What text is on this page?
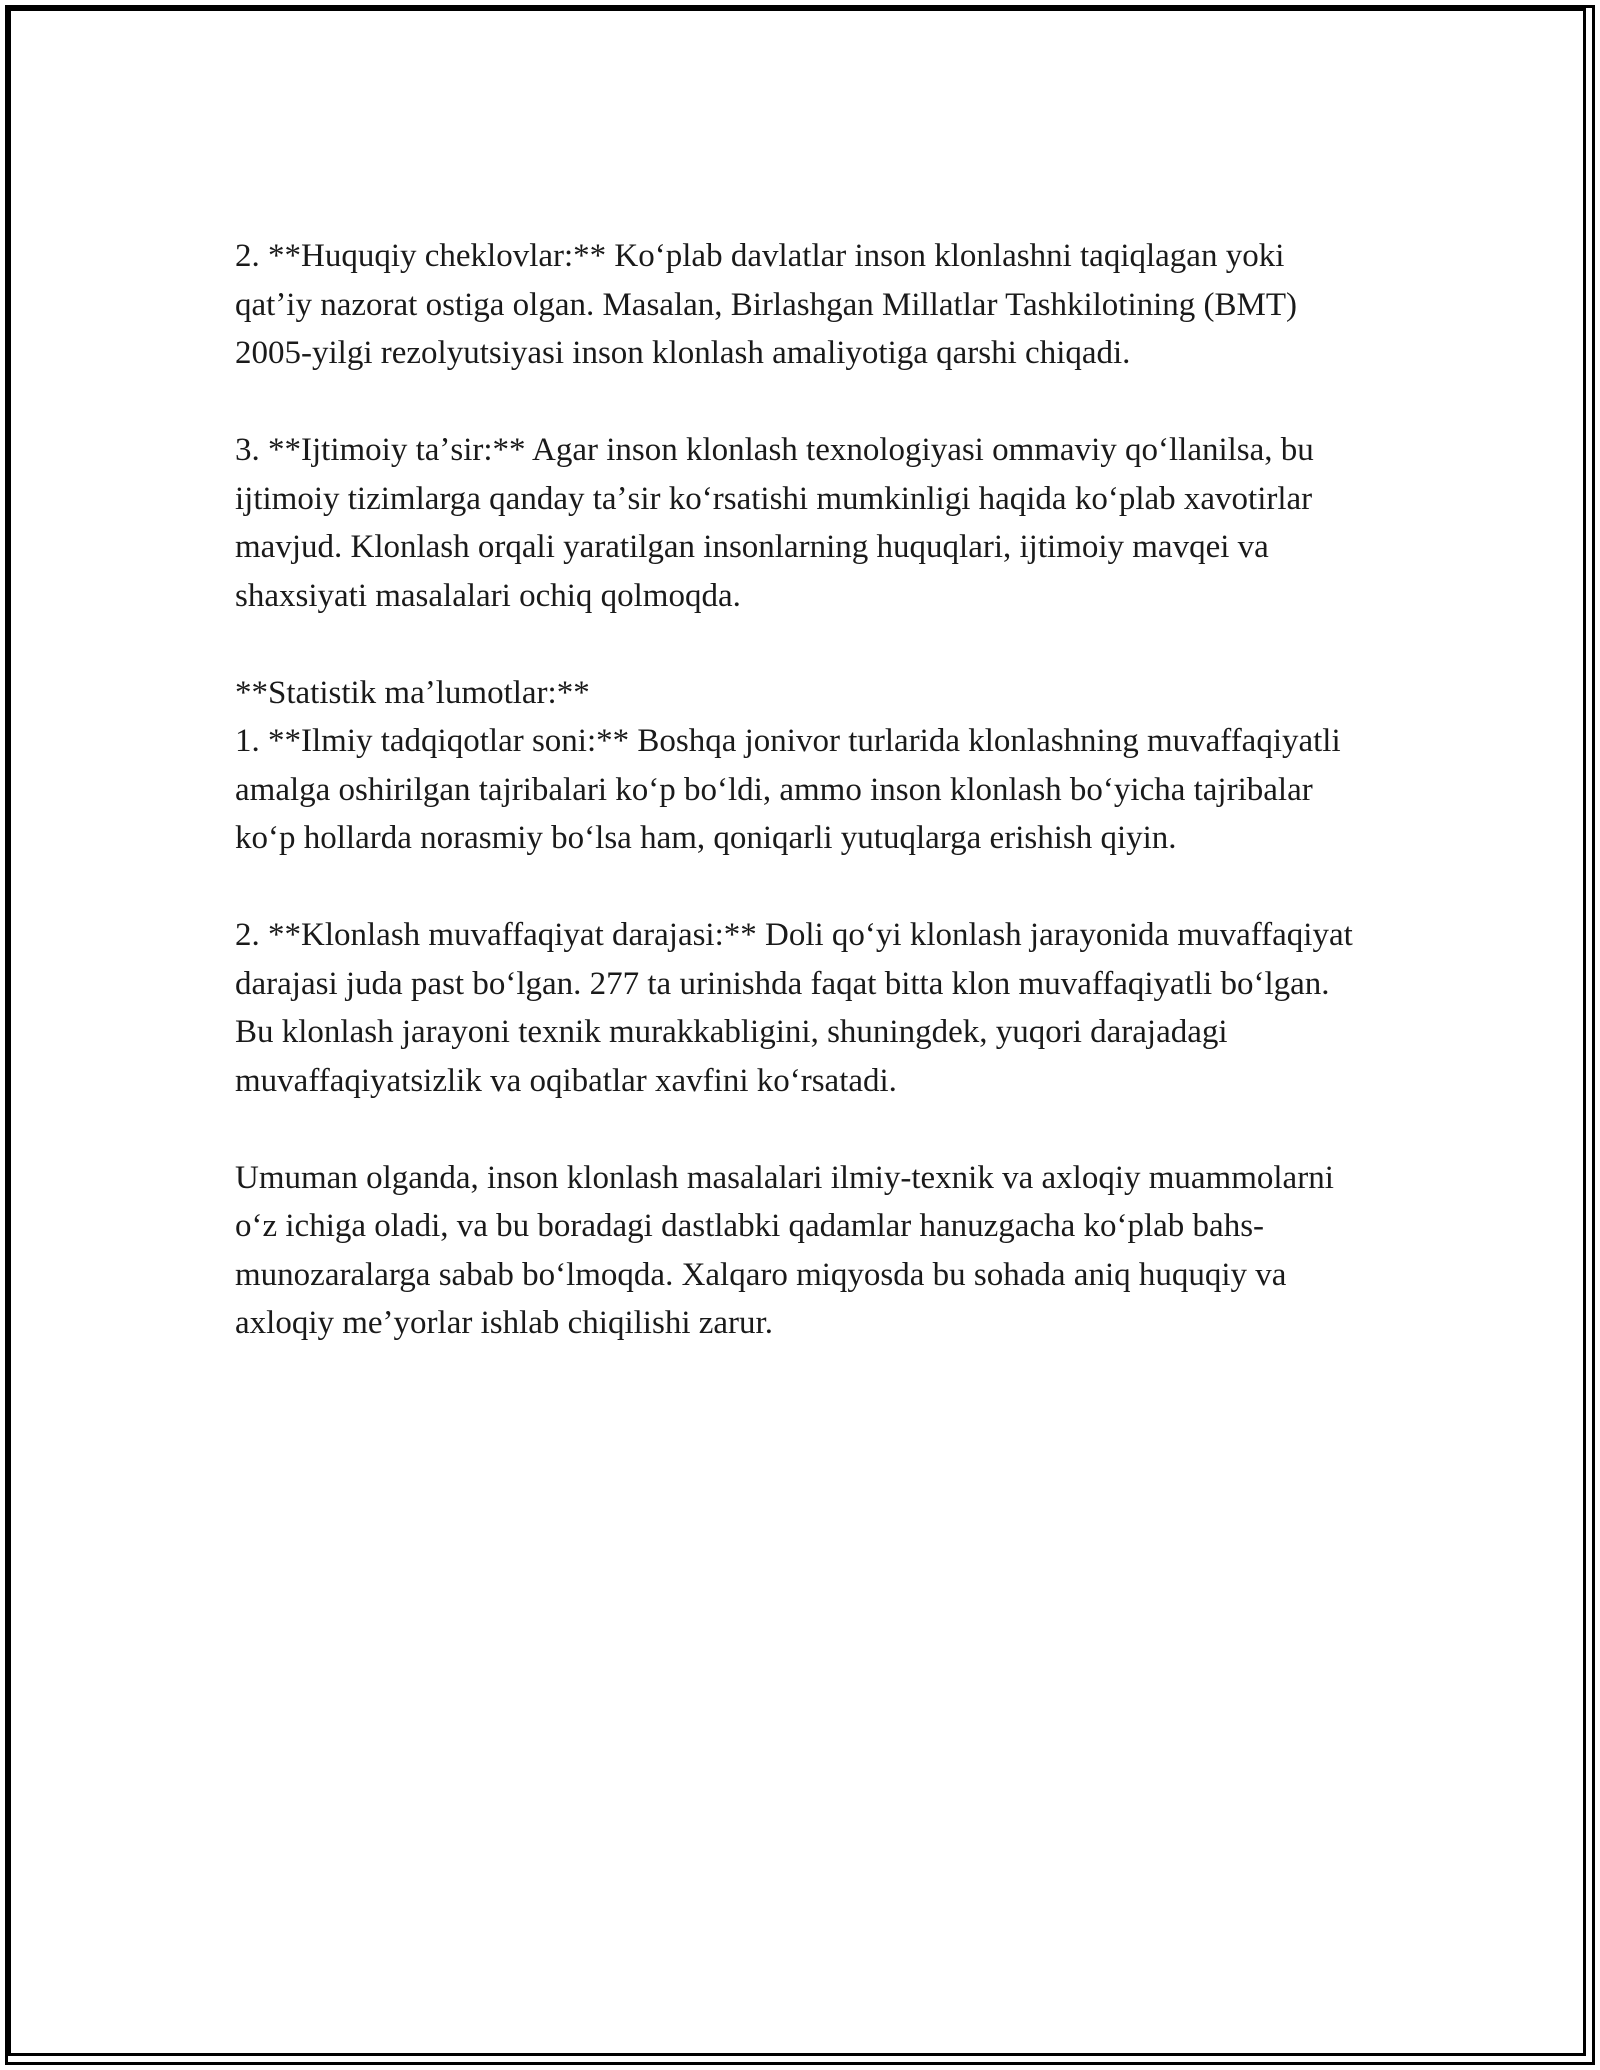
2. **Huquqiy cheklovlar:** Koʻplab davlatlar inson klonlashni taqiqlagan yoki qatʼiy nazorat ostiga olgan. Masalan, Birlashgan Millatlar Tashkilotining (BMT) 2005-yilgi rezolyutsiyasi inson klonlash amaliyotiga qarshi chiqadi.

3. **Ijtimoiy taʼsir:** Agar inson klonlash texnologiyasi ommaviy qoʻllanilsa, bu ijtimoiy tizimlarga qanday taʼsir koʻrsatishi mumkinligi haqida koʻplab xavotirlar mavjud. Klonlash orqali yaratilgan insonlarning huquqlari, ijtimoiy mavqei va shaxsiyati masalalari ochiq qolmoqda.

**Statistik maʼlumotlar:**

1. **Ilmiy tadqiqotlar soni:** Boshqa jonivor turlarida klonlashning muvaffaqiyatli amalga oshirilgan tajribalari koʻp boʻldi, ammo inson klonlash boʻyicha tajribalar koʻp hollarda norasmiy boʻlsa ham, qoniqarli yutuqlarga erishish qiyin.

2. **Klonlash muvaffaqiyat darajasi:** Doli qoʻyi klonlash jarayonida muvaffaqiyat darajasi juda past boʻlgan. 277 ta urinishda faqat bitta klon muvaffaqiyatli boʻlgan. Bu klonlash jarayoni texnik murakkabligini, shuningdek, yuqori darajadagi muvaffaqiyatsizlik va oqibatlar xavfini koʻrsatadi.

Umuman olganda, inson klonlash masalalari ilmiy-texnik va axloqiy muammolarni oʻz ichiga oladi, va bu boradagi dastlabki qadamlar hanuzgacha koʻplab bahs-munozaralarga sabab boʻlmoqda. Xalqaro miqyosda bu sohada aniq huquqiy va axloqiy meʼyorlar ishlab chiqilishi zarur.
